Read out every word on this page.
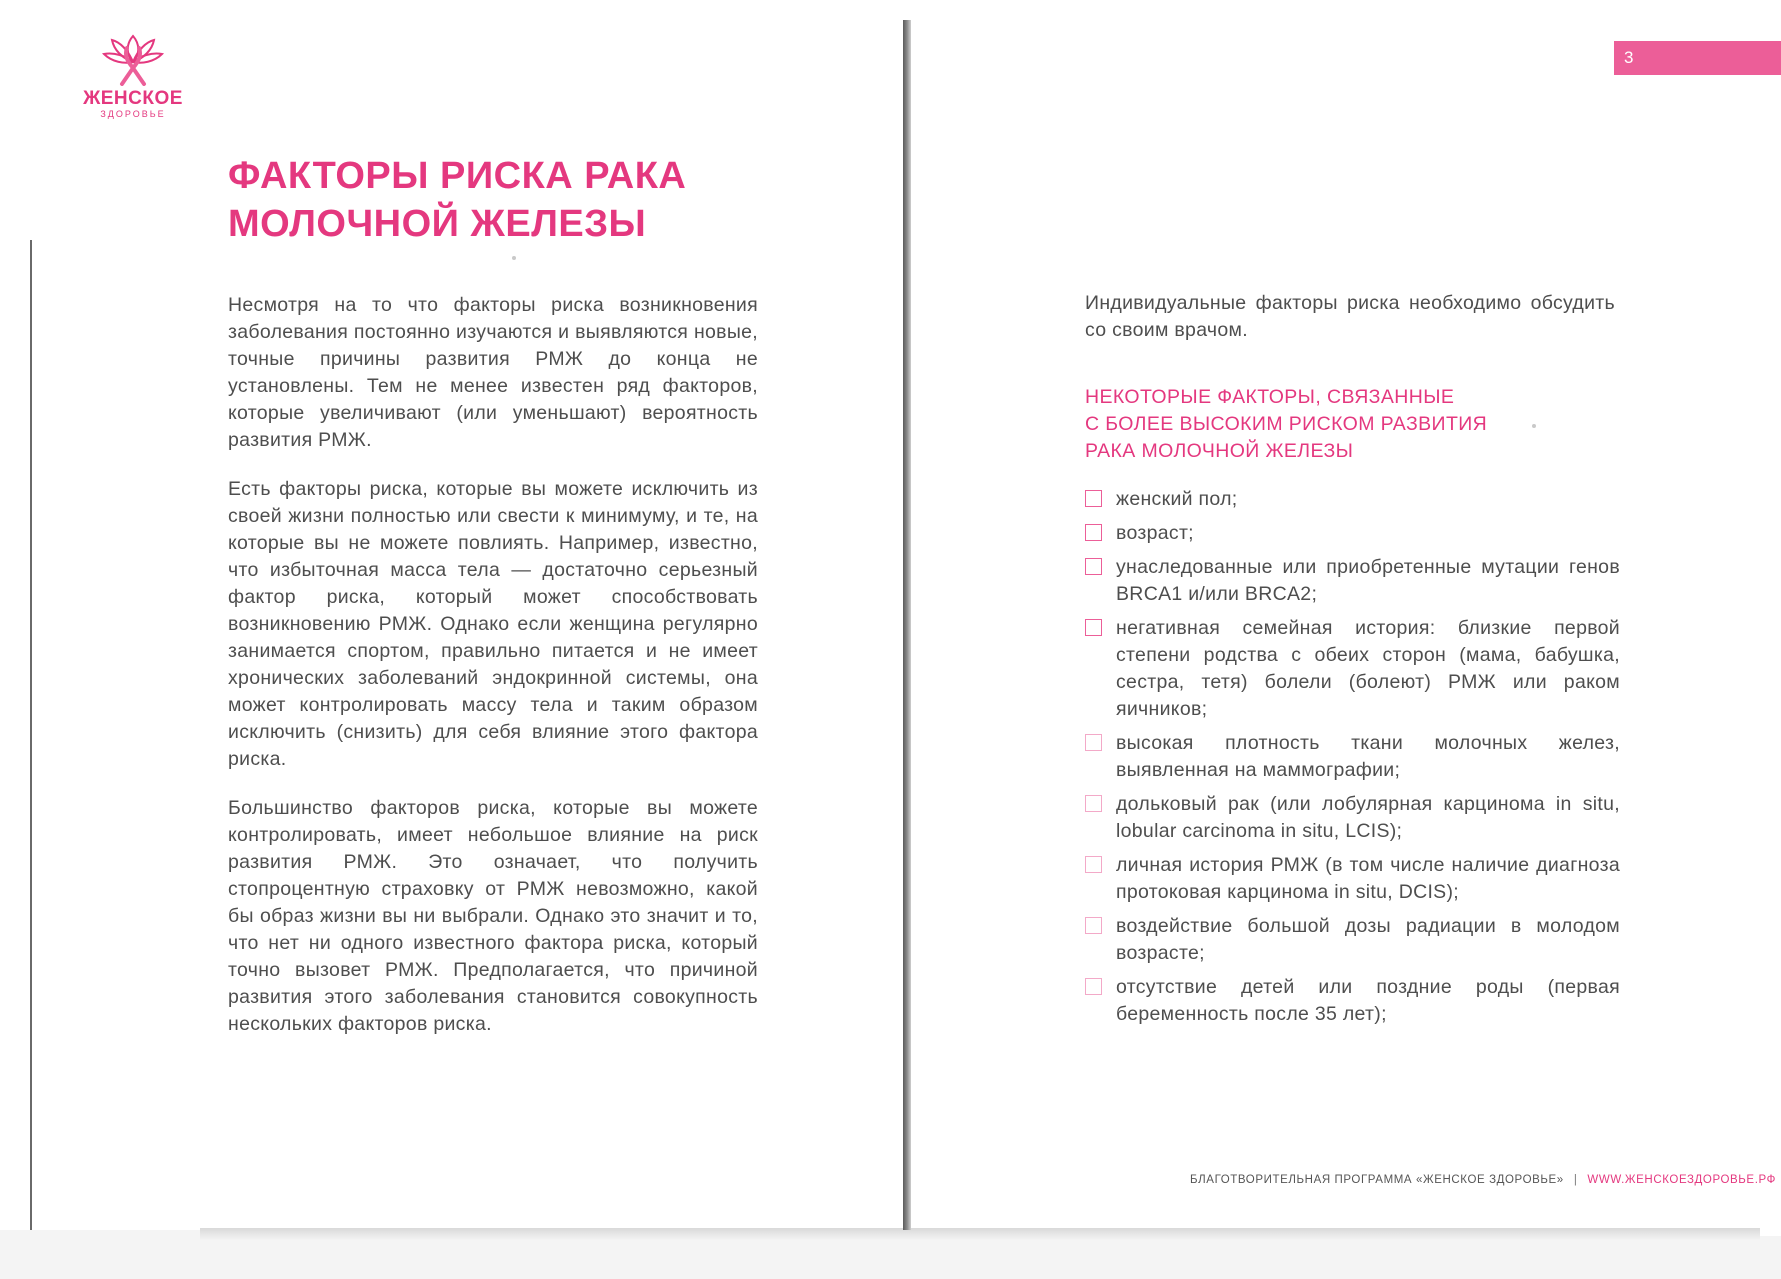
ЖЕНСКОЕ
ЗДОРОВЬЕ
ФАКТОРЫ РИСКА РАКА
МОЛОЧНОЙ ЖЕЛЕЗЫ

Несмотря на то что факторы риска возникновения заболевания постоянно изучаются и выявляются новые, точные причины развития РМЖ до конца не установлены. Тем не менее известен ряд факторов, которые увеличивают (или уменьшают) вероятность развития РМЖ.

Есть факторы риска, которые вы можете исключить из своей жизни полностью или свести к минимуму, и те, на которые вы не можете повлиять. Например, известно, что избыточная масса тела — достаточно серьезный фактор риска, который может способствовать возникновению РМЖ. Однако если женщина регулярно занимается спортом, правильно питается и не имеет хронических заболеваний эндокринной системы, она может контролировать массу тела и таким образом исключить (снизить) для себя влияние этого фактора риска.

Большинство факторов риска, которые вы можете контролировать, имеет небольшое влияние на риск развития РМЖ. Это означает, что получить стопроцентную страховку от РМЖ невозможно, какой бы образ жизни вы ни выбрали. Однако это значит и то, что нет ни одного известного фактора риска, который точно вызовет РМЖ. Предполагается, что причиной развития этого заболевания становится совокупность нескольких факторов риска.

3

Индивидуальные факторы риска необходимо обсудить со своим врачом.

НЕКОТОРЫЕ ФАКТОРЫ, СВЯЗАННЫЕ
С БОЛЕЕ ВЫСОКИМ РИСКОМ РАЗВИТИЯ
РАКА МОЛОЧНОЙ ЖЕЛЕЗЫ
женский пол;
возраст;
унаследованные или приобретенные мутации генов BRCA1 и/или BRCA2;
негативная семейная история: близкие первой степени родства с обеих сторон (мама, бабушка, сестра, тетя) болели (болеют) РМЖ или раком яичников;
высокая плотность ткани молочных желез, выявленная на маммографии;
дольковый рак (или лобулярная карцинома in situ, lobular carcinoma in situ, LCIS);
личная история РМЖ (в том числе наличие диагноза протоковая карцинома in situ, DCIS);
воздействие большой дозы радиации в молодом возрасте;
отсутствие детей или поздние роды (первая беременность после 35 лет);
БЛАГОТВОРИТЕЛЬНАЯ ПРОГРАММА «ЖЕНСКОЕ ЗДОРОВЬЕ» | WWW.ЖЕНСКОЕЗДОРОВЬЕ.РФ
